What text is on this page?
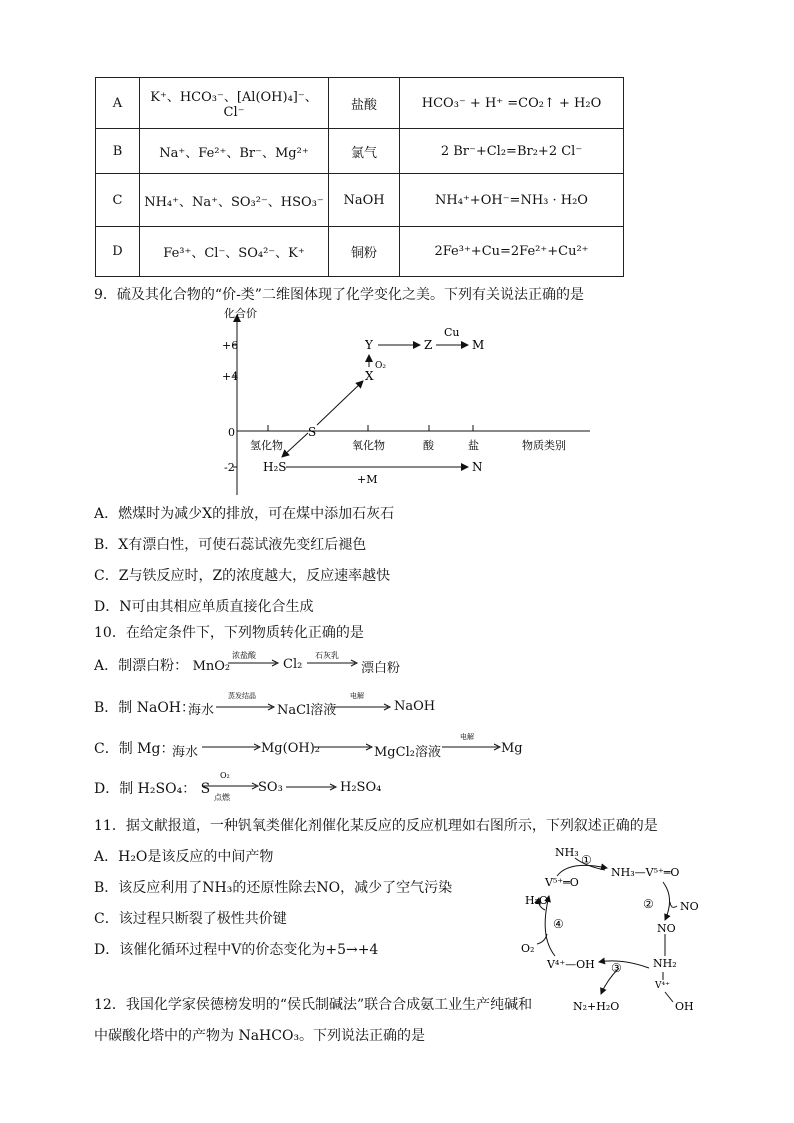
A	K⁺、HCO₃⁻、[Al(OH)₄]⁻、Cl⁻	盐酸	HCO₃⁻ + H⁺ =CO₂↑ + H₂O
B	Na⁺、Fe²⁺、Br⁻、Mg²⁺	氯气	2 Br⁻+Cl₂=Br₂+2 Cl⁻
C	NH₄⁺、Na⁺、SO₃²⁻、HSO₃⁻	NaOH	NH₄⁺+OH⁻=NH₃ · H₂O
D	Fe³⁺、Cl⁻、SO₄²⁻、K⁺	铜粉	2Fe³⁺+Cu=2Fe²⁺+Cu²⁺
9．硫及其化合物的“价-类”二维图体现了化学变化之美。下列有关说法正确的是
化合价
+6
+4
0
-2
氢化物	氧化物	酸	盐	物质类别
S
X
Y	Z	M
H₂S	N
O₂
Cu
+M
A．燃煤时为减少X的排放，可在煤中添加石灰石
B．X有漂白性，可使石蕊试液先变红后褪色
C．Z与铁反应时，Z的浓度越大，反应速率越快
D．N可由其相应单质直接化合生成
10．在给定条件下，下列物质转化正确的是
A．制漂白粉： MnO₂
浓盐酸
Cl₂
石灰乳
漂白粉
B．制 NaOH：
海水
蒸发结晶
NaCl溶液
电解
NaOH
C．制 Mg：
海水	Mg(OH)₂	MgCl₂溶液
电解
Mg
D．制 H₂SO₄： S
O₂
点燃
SO₃ → H₂SO₄
11．据文献报道，一种钒氧类催化剂催化某反应的反应机理如右图所示，下列叙述正确的是
A．H₂O是该反应的中间产物
B．该反应利用了NH₃的还原性除去NO，减少了空气污染
C．该过程只断裂了极性共价键
D．该催化循环过程中V的价态变化为+5→+4
NH₃
①
NH₃—V⁵⁺═O
V⁵⁺═O
② NO
H₂O
④	NO
O₂
NH₂
V⁴⁺—OH ③
V⁴⁺
N₂+H₂O	OH
12．我国化学家侯德榜发明的“侯氏制碱法”联合合成氨工业生产纯碱和
中碳酸化塔中的产物为 NaHCO₃。下列说法正确的是
